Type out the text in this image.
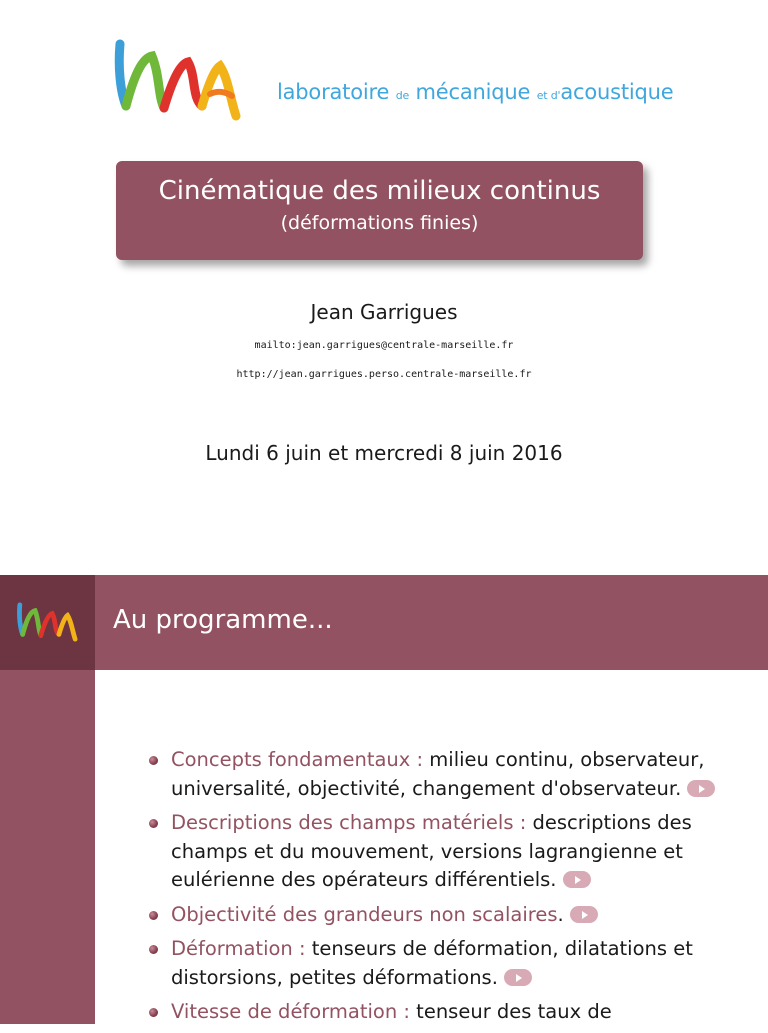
laboratoire de mécanique et d'acoustique
Cinématique des milieux continus
(déformations finies)
Jean Garrigues
mailto:jean.garrigues@centrale-marseille.fr
http://jean.garrigues.perso.centrale-marseille.fr
Lundi 6 juin et mercredi 8 juin 2016
Au programme...
Concepts fondamentaux : milieu continu, observateur, universalité, objectivité, changement d'observateur.
Descriptions des champs matériels : descriptions des champs et du mouvement, versions lagrangienne et eulérienne des opérateurs différentiels.
Objectivité des grandeurs non scalaires.
Déformation : tenseurs de déformation, dilatations et distorsions, petites déformations.
Vitesse de déformation : tenseur des taux de
